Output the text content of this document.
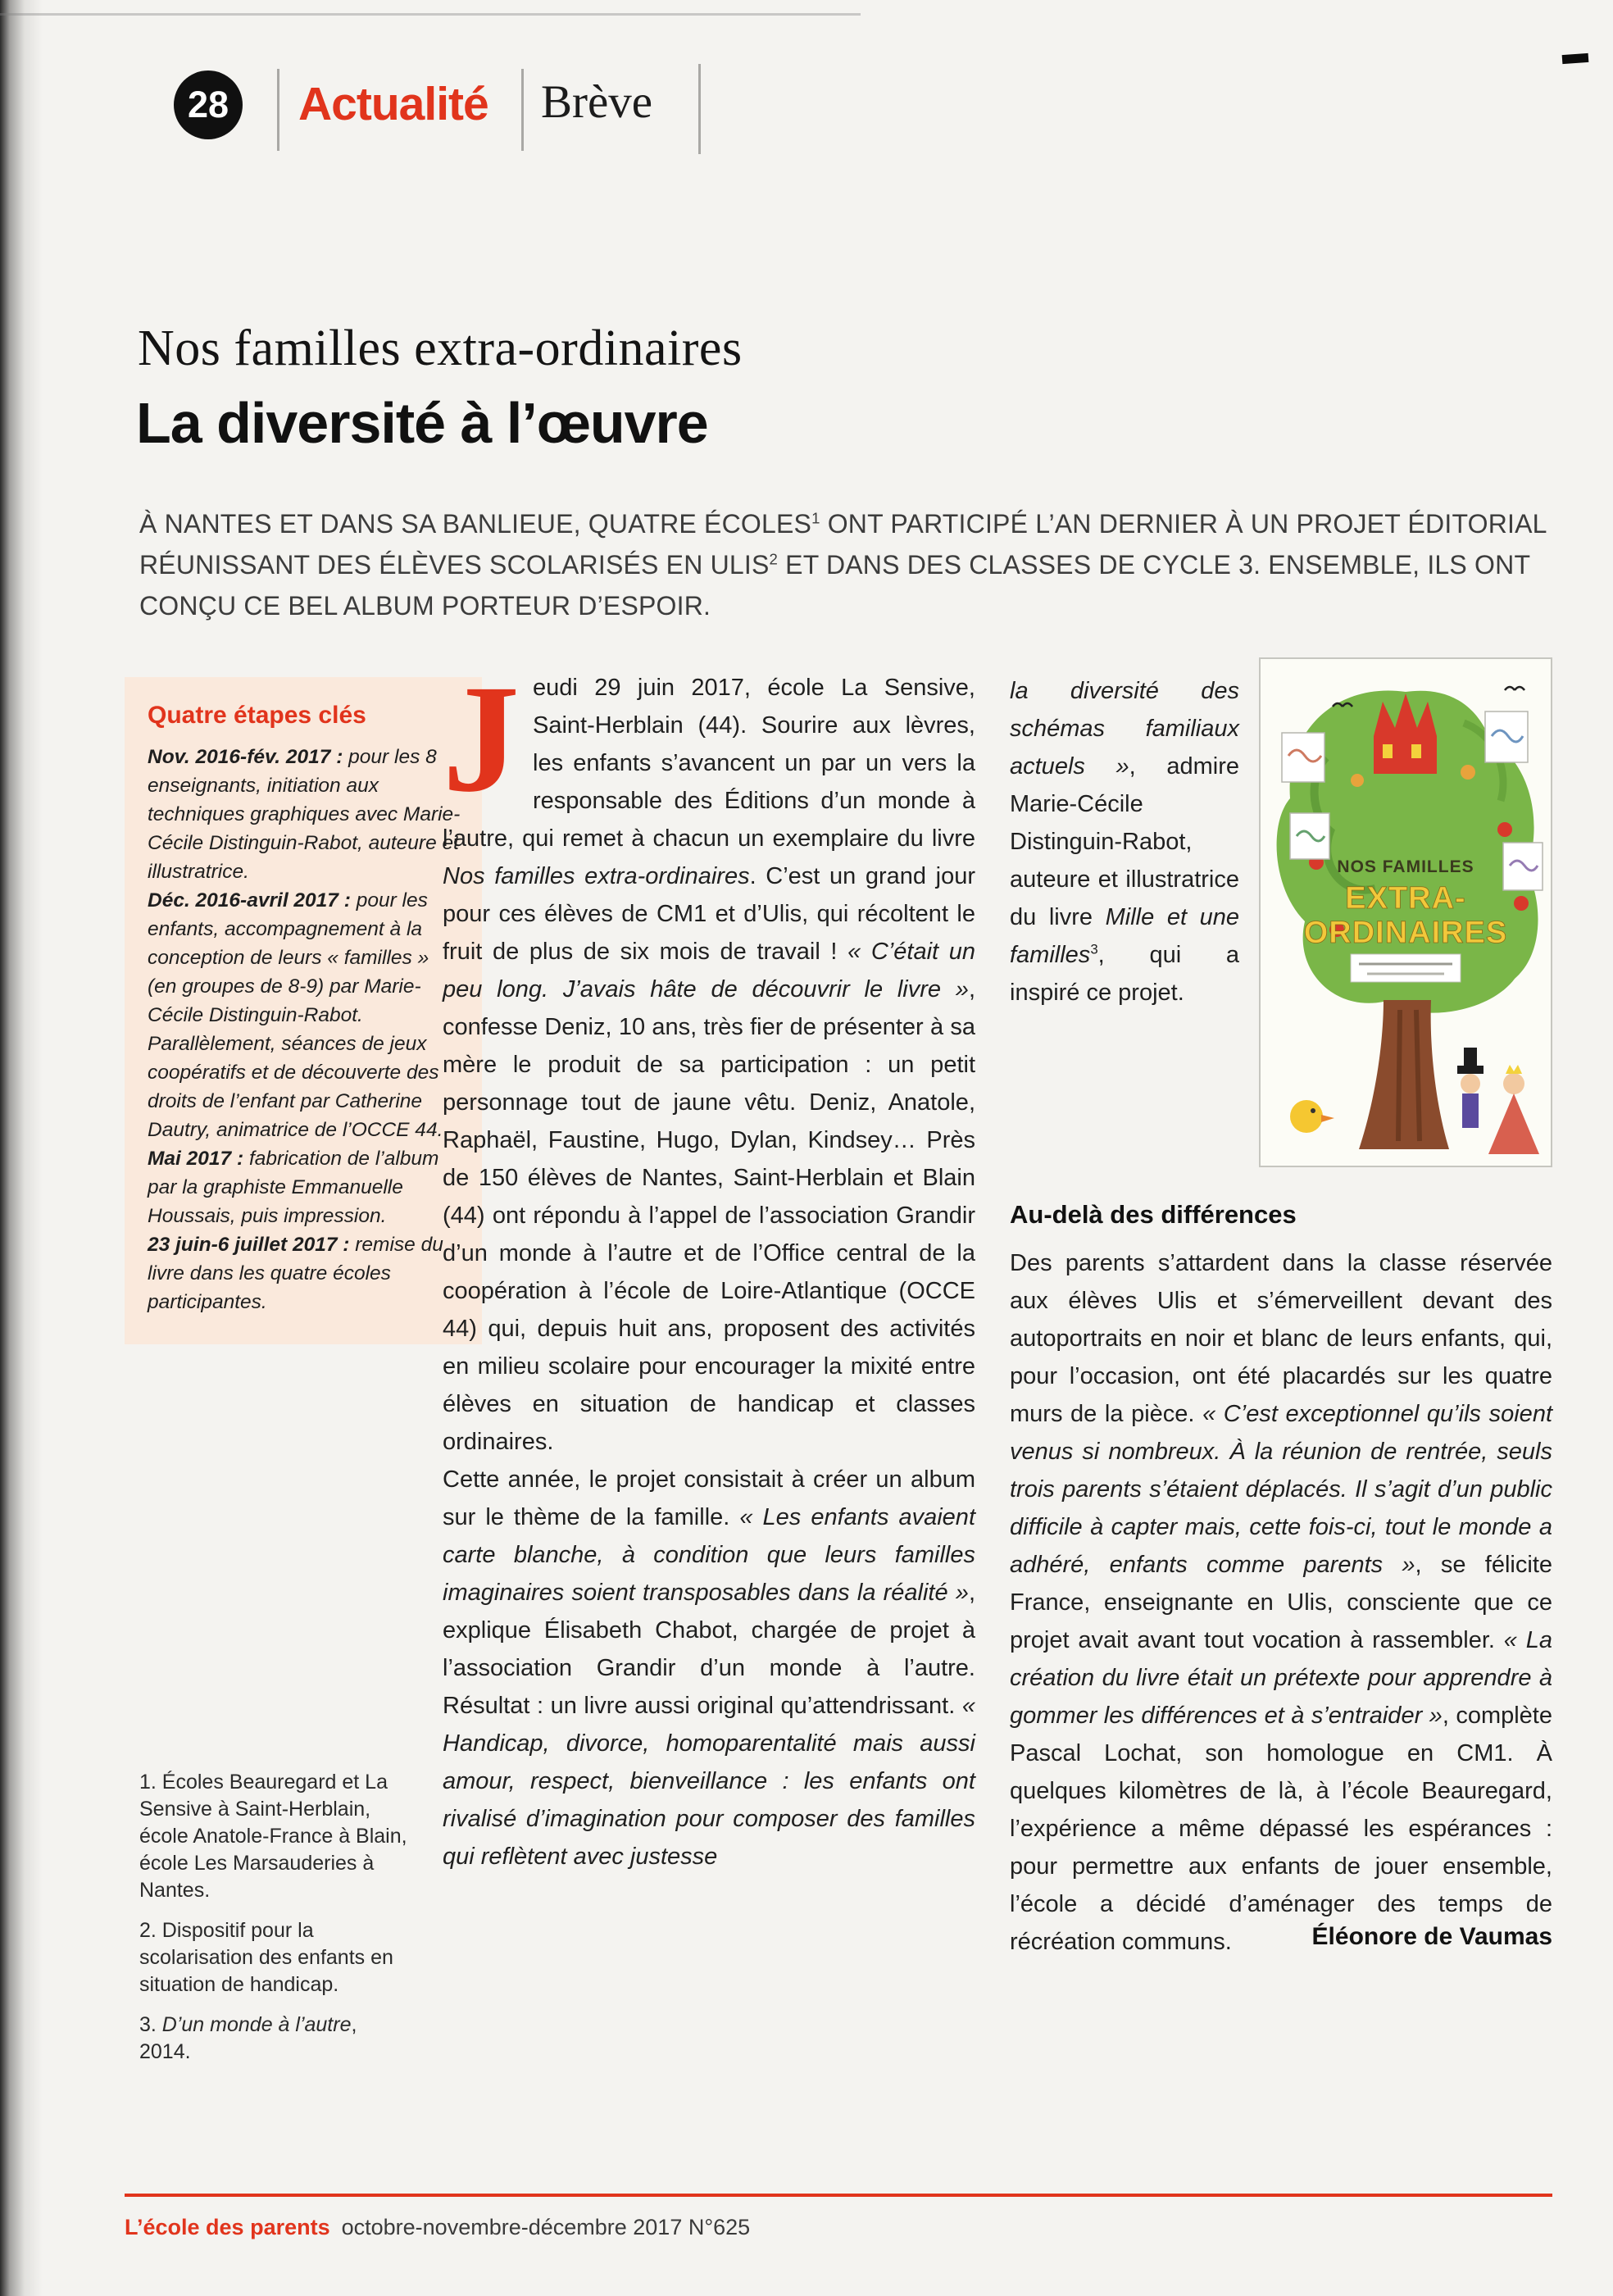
28 Actualité Brève
Nos familles extra-ordinaires
La diversité à l’œuvre
À NANTES ET DANS SA BANLIEUE, QUATRE ÉCOLES$^1$ ONT PARTICIPÉ L’AN DERNIER À UN PROJET ÉDITORIAL RÉUNISSANT DES ÉLÈVES SCOLARISÉS EN ULIS$^2$ ET DANS DES CLASSES DE CYCLE 3. ENSEMBLE, ILS ONT CONÇU CE BEL ALBUM PORTEUR D’ESPOIR.
Quatre étapes clés

Nov. 2016-fév. 2017 : pour les 8 enseignants, initiation aux techniques graphiques avec Marie-Cécile Distinguin-Rabot, auteure et illustratrice.

Déc. 2016-avril 2017 : pour les enfants, accompagnement à la conception de leurs « familles » (en groupes de 8-9) par Marie-Cécile Distinguin-Rabot. Parallèlement, séances de jeux coopératifs et de découverte des droits de l’enfant par Catherine Dautry, animatrice de l’OCCE 44.

Mai 2017 : fabrication de l’album par la graphiste Emmanuelle Houssais, puis impression.

23 juin-6 juillet 2017 : remise du livre dans les quatre écoles participantes.

1. Écoles Beauregard et La Sensive à Saint-Herblain, école Anatole-France à Blain, école Les Marsauderies à Nantes.

2. Dispositif pour la scolarisation des enfants en situation de handicap.

3. D’un monde à l’autre, 2014.

Jeudi 29 juin 2017, école La Sensive, Saint-Herblain (44). Sourire aux lèvres, les enfants s’avancent un par un vers la responsable des Éditions d’un monde à l’autre, qui remet à chacun un exemplaire du livre Nos familles extra-ordinaires. C’est un grand jour pour ces élèves de CM1 et d’Ulis, qui récoltent le fruit de plus de six mois de travail ! « C’était un peu long. J’avais hâte de découvrir le livre », confesse Deniz, 10 ans, très fier de présenter à sa mère le produit de sa participation : un petit personnage tout de jaune vêtu. Deniz, Anatole, Raphaël, Faustine, Hugo, Dylan, Kindsey… Près de 150 élèves de Nantes, Saint-Herblain et Blain (44) ont répondu à l’appel de l’association Grandir d’un monde à l’autre et de l’Office central de la coopération à l’école de Loire-Atlantique (OCCE 44) qui, depuis huit ans, proposent des activités en milieu scolaire pour encourager la mixité entre élèves en situation de handicap et classes ordinaires.

Cette année, le projet consistait à créer un album sur le thème de la famille. « Les enfants avaient carte blanche, à condition que leurs familles imaginaires soient transposables dans la réalité », explique Élisabeth Chabot, chargée de projet à l’association Grandir d’un monde à l’autre. Résultat : un livre aussi original qu’attendrissant. « Handicap, divorce, homoparentalité mais aussi amour, respect, bienveillance : les enfants ont rivalisé d’imagination pour composer des familles qui reflètent avec justesse

la diversité des schémas familiaux actuels », admire Marie-Cécile Distinguin-Rabot, auteure et illustratrice du livre Mille et une familles$^3$, qui a inspiré ce projet.

NOS FAMILLES
EXTRA-
ORDINAIRES
Au-delà des différences

Des parents s’attardent dans la classe réservée aux élèves Ulis et s’émerveillent devant des autoportraits en noir et blanc de leurs enfants, qui, pour l’occasion, ont été placardés sur les quatre murs de la pièce. « C’est exceptionnel qu’ils soient venus si nombreux. À la réunion de rentrée, seuls trois parents s’étaient déplacés. Il s’agit d’un public difficile à capter mais, cette fois-ci, tout le monde a adhéré, enfants comme parents », se félicite France, enseignante en Ulis, consciente que ce projet avait avant tout vocation à rassembler. « La création du livre était un prétexte pour apprendre à gommer les différences et à s’entraider », complète Pascal Lochat, son homologue en CM1. À quelques kilomètres de là, à l’école Beauregard, l’expérience a même dépassé les espérances : pour permettre aux enfants de jouer ensemble, l’école a décidé d’aménager des temps de récréation communs.	Éléonore de Vaumas
L’école des parents octobre-novembre-décembre 2017 N°625
